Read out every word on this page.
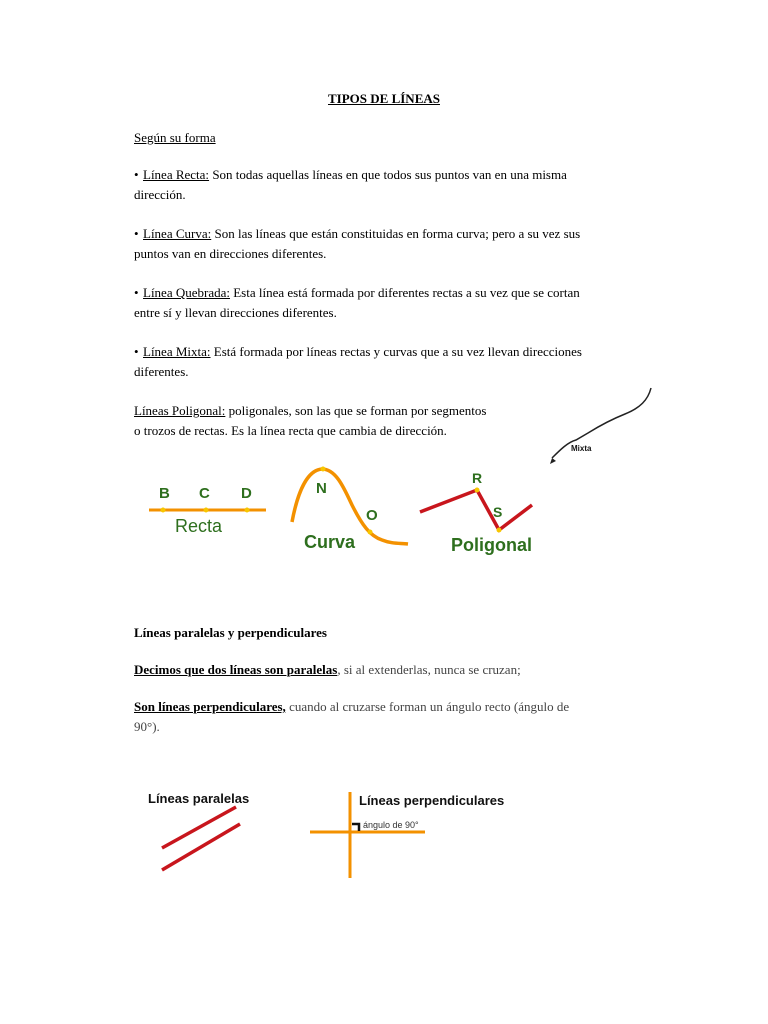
TIPOS DE LÍNEAS
Según su forma
• Línea Recta: Son todas aquellas líneas en que todos sus puntos van en una misma
dirección.
• Línea Curva: Son las líneas que están constituidas en forma curva; pero a su vez sus
puntos van en direcciones diferentes.
• Línea Quebrada: Esta línea está formada por diferentes rectas a su vez que se cortan
entre sí y llevan direcciones diferentes.
• Línea Mixta: Está formada por líneas rectas y curvas que a su vez llevan direcciones
diferentes.
Líneas Poligonal: poligonales, son las que se forman por segmentos
o trozos de rectas. Es la línea recta que cambia de dirección.
Mixta
B C D
Recta
N
O
Curva
R
S
Poligonal
Líneas paralelas	Líneas perpendiculares
ángulo de 90°
Líneas paralelas y perpendiculares
Decimos que dos líneas son paralelas, si al extenderlas, nunca se cruzan;
Son líneas perpendiculares, cuando al cruzarse forman un ángulo recto (ángulo de
90°).
